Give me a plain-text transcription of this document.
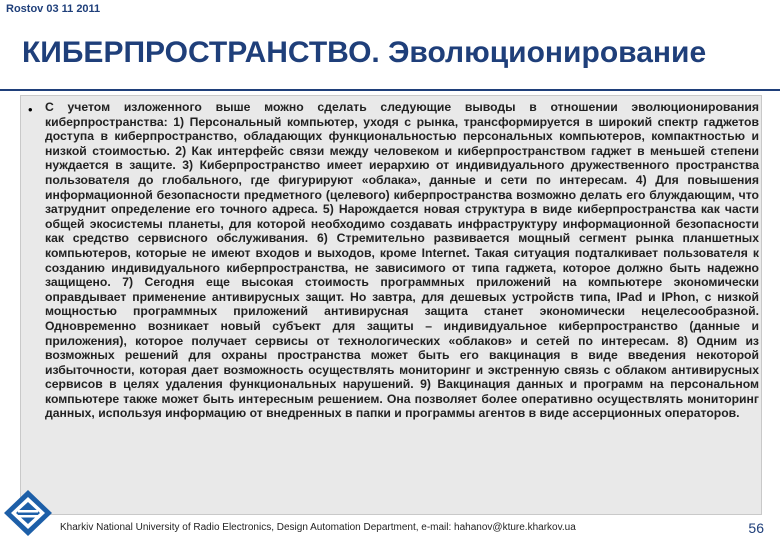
Rostov 03 11 2011
КИБЕРПРОСТРАНСТВО. Эволюционирование
• С учетом изложенного выше можно сделать следующие выводы в отношении эволюционирования киберпространства: 1) Персональный компьютер, уходя с рынка, трансформируется в широкий спектр гаджетов доступа в киберпространство, обладающих функциональностью персональных компьютеров, компактностью и низкой стоимостью. 2) Как интерфейс связи между человеком и киберпространством гаджет в меньшей степени нуждается в защите. 3) Киберпространство имеет иерархию от индивидуального дружественного пространства пользователя до глобального, где фигурируют «облака», данные и сети по интересам. 4) Для повышения информационной безопасности предметного (целевого) киберпространства возможно делать его блуждающим, что затруднит определение его точного адреса. 5) Нарождается новая структура в виде киберпространства как части общей экосистемы планеты, для которой необходимо создавать инфраструктуру информационной безопасности как средство сервисного обслуживания. 6) Стремительно развивается мощный сегмент рынка планшетных компьютеров, которые не имеют входов и выходов, кроме Internet. Такая ситуация подталкивает пользователя к созданию индивидуального киберпространства, не зависимого от типа гаджета, которое должно быть надежно защищено. 7) Сегодня еще высокая стоимость программных приложений на компьютере экономически оправдывает применение антивирусных защит. Но завтра, для дешевых устройств типа, IPad и IPhon, с низкой мощностью программных приложений антивирусная защита станет экономически нецелесообразной. Одновременно возникает новый субъект для защиты – индивидуальное киберпространство (данные и приложения), которое получает сервисы от технологических «облаков» и сетей по интересам. 8) Одним из возможных решений для охраны пространства может быть его вакцинация в виде введения некоторой избыточности, которая дает возможность осуществлять мониторинг и экстренную связь с облаком антивирусных сервисов в целях удаления функциональных нарушений. 9) Вакцинация данных и программ на персональном компьютере также может быть интересным решением. Она позволяет более оперативно осуществлять мониторинг данных, используя информацию от внедренных в папки и программы агентов в виде ассерционных операторов.

Kharkiv National University of Radio Electronics, Design Automation Department, e-mail: hahanov@kture.kharkov.ua	56
